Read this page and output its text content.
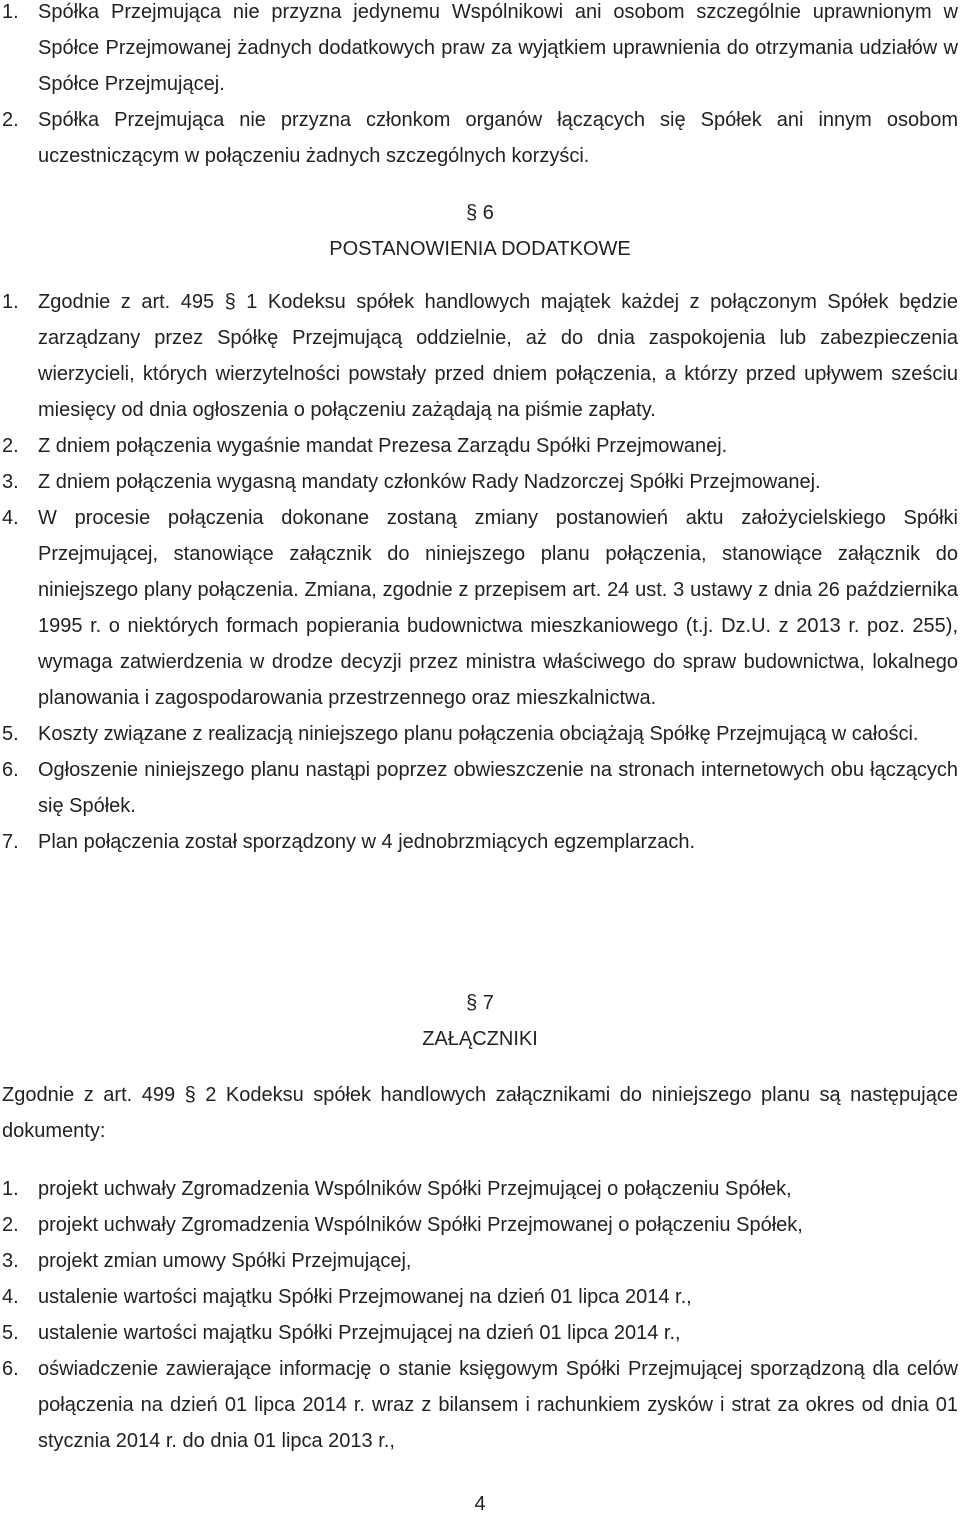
1. Spółka Przejmująca nie przyzna jedynemu Wspólnikowi ani osobom szczególnie uprawnionym w Spółce Przejmowanej żadnych dodatkowych praw za wyjątkiem uprawnienia do otrzymania udziałów w Spółce Przejmującej.
2. Spółka Przejmująca nie przyzna członkom organów łączących się Spółek ani innym osobom uczestniczącym w połączeniu żadnych szczególnych korzyści.

§ 6

POSTANOWIENIA DODATKOWE

1. Zgodnie z art. 495 § 1 Kodeksu spółek handlowych majątek każdej z połączonym Spółek będzie zarządzany przez Spółkę Przejmującą oddzielnie, aż do dnia zaspokojenia lub zabezpieczenia wierzycieli, których wierzytelności powstały przed dniem połączenia, a którzy przed upływem sześciu miesięcy od dnia ogłoszenia o połączeniu zażądają na piśmie zapłaty.
2. Z dniem połączenia wygaśnie mandat Prezesa Zarządu Spółki Przejmowanej.
3. Z dniem połączenia wygasną mandaty członków Rady Nadzorczej Spółki Przejmowanej.
4. W procesie połączenia dokonane zostaną zmiany postanowień aktu założycielskiego Spółki Przejmującej, stanowiące załącznik do niniejszego planu połączenia, stanowiące załącznik do niniejszego plany połączenia. Zmiana, zgodnie z przepisem art. 24 ust. 3 ustawy z dnia 26 października 1995 r. o niektórych formach popierania budownictwa mieszkaniowego (t.j. Dz.U. z 2013 r. poz. 255), wymaga zatwierdzenia w drodze decyzji przez ministra właściwego do spraw budownictwa, lokalnego planowania i zagospodarowania przestrzennego oraz mieszkalnictwa.
5. Koszty związane z realizacją niniejszego planu połączenia obciążają Spółkę Przejmującą w całości.
6. Ogłoszenie niniejszego planu nastąpi poprzez obwieszczenie na stronach internetowych obu łączących się Spółek.
7. Plan połączenia został sporządzony w 4 jednobrzmiących egzemplarzach.

§ 7

ZAŁĄCZNIKI

Zgodnie z art. 499 § 2 Kodeksu spółek handlowych załącznikami do niniejszego planu są następujące dokumenty:

1. projekt uchwały Zgromadzenia Wspólników Spółki Przejmującej o połączeniu Spółek,
2. projekt uchwały Zgromadzenia Wspólników Spółki Przejmowanej o połączeniu Spółek,
3. projekt zmian umowy Spółki Przejmującej,
4. ustalenie wartości majątku Spółki Przejmowanej na dzień 01 lipca 2014 r.,
5. ustalenie wartości majątku Spółki Przejmującej na dzień 01 lipca 2014 r.,
6. oświadczenie zawierające informację o stanie księgowym Spółki Przejmującej sporządzoną dla celów połączenia na dzień 01 lipca 2014 r. wraz z bilansem i rachunkiem zysków i strat za okres od dnia 01 stycznia 2014 r. do dnia 01 lipca 2013 r.,
4
